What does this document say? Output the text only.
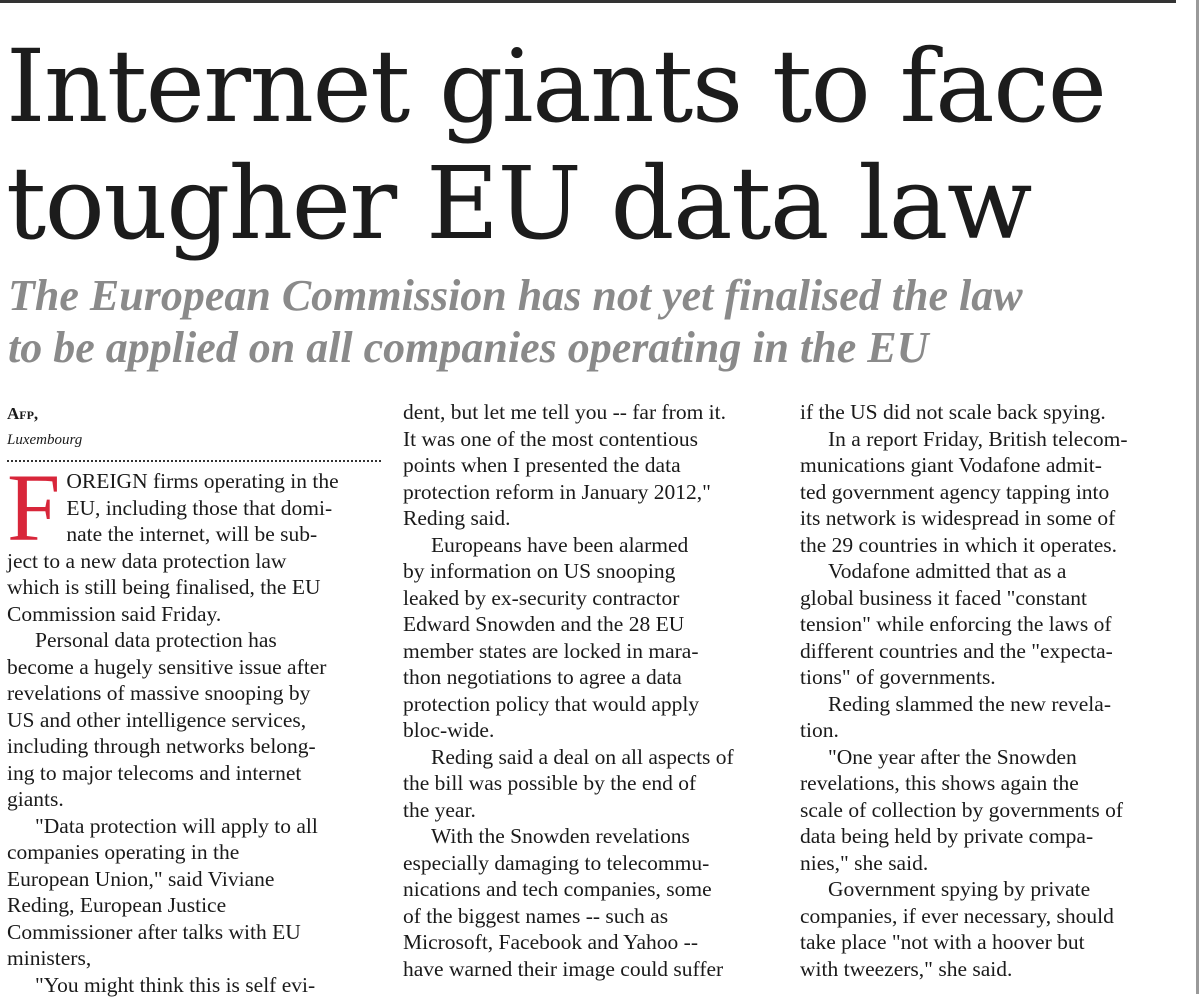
Internet giants to face
tougher EU data law
The European Commission has not yet finalised the law
to be applied on all companies operating in the EU

Afp,
Luxembourg

F OREIGN firms operating in the
EU, including those that domi-
nate the internet, will be sub-
ject to a new data protection law
which is still being finalised, the EU
Commission said Friday.

Personal data protection has
become a hugely sensitive issue after
revelations of massive snooping by
US and other intelligence services,
including through networks belong-
ing to major telecoms and internet
giants.

"Data protection will apply to all
companies operating in the
European Union," said Viviane
Reding, European Justice
Commissioner after talks with EU
ministers,

"You might think this is self evi-

dent, but let me tell you -- far from it.
It was one of the most contentious
points when I presented the data
protection reform in January 2012,"
Reding said.

Europeans have been alarmed
by information on US snooping
leaked by ex-security contractor
Edward Snowden and the 28 EU
member states are locked in mara-
thon negotiations to agree a data
protection policy that would apply
bloc-wide.

Reding said a deal on all aspects of
the bill was possible by the end of
the year.

With the Snowden revelations
especially damaging to telecommu-
nications and tech companies, some
of the biggest names -- such as
Microsoft, Facebook and Yahoo --
have warned their image could suffer

if the US did not scale back spying.

In a report Friday, British telecom-
munications giant Vodafone admit-
ted government agency tapping into
its network is widespread in some of
the 29 countries in which it operates.

Vodafone admitted that as a
global business it faced "constant
tension" while enforcing the laws of
different countries and the "expecta-
tions" of governments.

Reding slammed the new revela-
tion.

"One year after the Snowden
revelations, this shows again the
scale of collection by governments of
data being held by private compa-
nies," she said.

Government spying by private
companies, if ever necessary, should
take place "not with a hoover but
with tweezers," she said.
